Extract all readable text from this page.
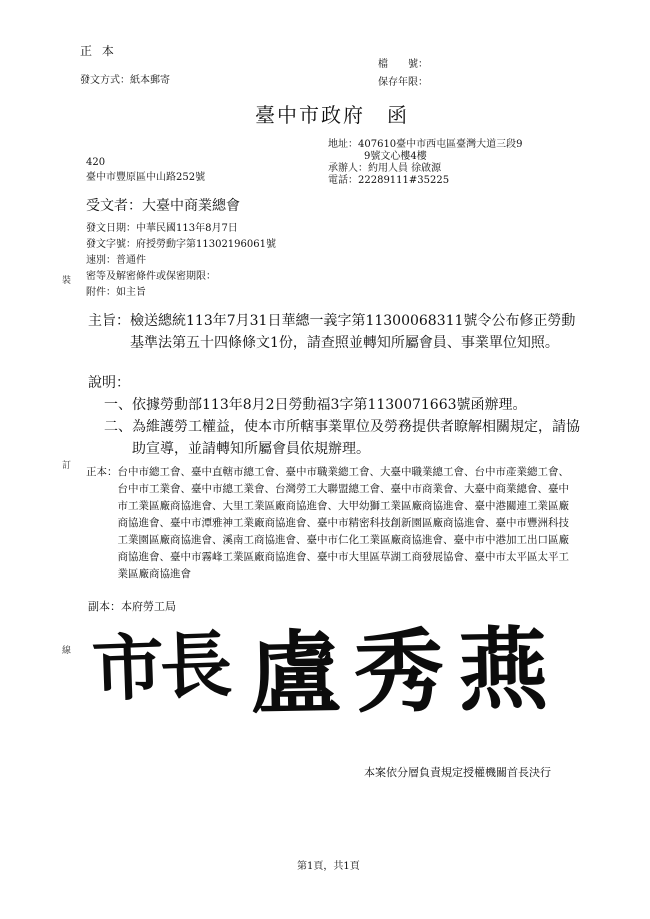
正 本
發文方式：紙本郵寄
檔　　號：
保存年限：
臺中市政府　函
地址：407610臺中市西屯區臺灣大道三段9
9號文心樓4樓
承辦人：約用人員 徐啟源
電話：22289111#35225
420
臺中市豐原區中山路252號
受文者：大臺中商業總會
發文日期：中華民國113年8月7日
發文字號：府授勞動字第11302196061號
速別：普通件
密等及解密條件或保密期限：
附件：如主旨
裝
訂
線
主旨： 檢送總統113年7月31日華總一義字第11300068311號令公布修正勞動基準法第五十四條條文1份，請查照並轉知所屬會員、事業單位知照。
說明：
一、 依據勞動部113年8月2日勞動福3字第1130071663號函辦理。
二、 為維護勞工權益，使本市所轄事業單位及勞務提供者瞭解相關規定，請協助宣導，並請轉知所屬會員依規辦理。
正本： 台中市總工會、臺中直轄市總工會、臺中市職業總工會、大臺中職業總工會、台中市產業總工會、台中市工業會、臺中市總工業會、台灣勞工大聯盟總工會、臺中市商業會、大臺中商業總會、臺中市工業區廠商協進會、大里工業區廠商協進會、大甲幼獅工業區廠商協進會、臺中港關連工業區廠商協進會、臺中市潭雅神工業廠商協進會、臺中市精密科技創新園區廠商協進會、臺中市豐洲科技工業園區廠商協進會、溪南工商協進會、臺中市仁化工業區廠商協進會、臺中市中港加工出口區廠商協進會、臺中市霧峰工業區廠商協進會、臺中市大里區草湖工商發展協會、臺中市太平區太平工業區廠商協進會
副本：本府勞工局
市長 盧秀燕
本案依分層負責規定授權機關首長決行
第1頁，共1頁
